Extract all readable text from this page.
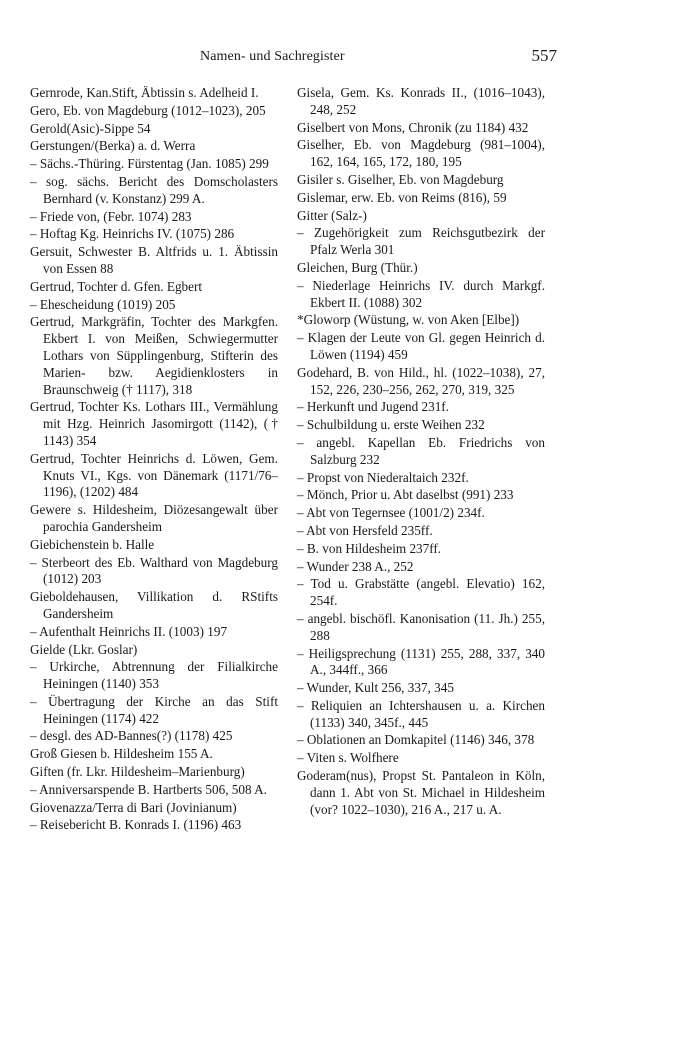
Namen- und Sachregister	557

Gernrode, Kan.Stift, Äbtissin s. Adelheid I.

Gero, Eb. von Magdeburg (1012–1023), 205

Gerold(Asic)-Sippe 54

Gerstungen/(Berka) a. d. Werra

– Sächs.-Thüring. Fürstentag (Jan. 1085) 299

– sog. sächs. Bericht des Domscholasters Bernhard (v. Konstanz) 299 A.

– Friede von, (Febr. 1074) 283

– Hoftag Kg. Heinrichs IV. (1075) 286

Gersuit, Schwester B. Altfrids u. 1. Äbtissin von Essen 88

Gertrud, Tochter d. Gfen. Egbert

– Ehescheidung (1019) 205

Gertrud, Markgräfin, Tochter des Markgfen. Ekbert I. von Meißen, Schwiegermutter Lothars von Süpplingenburg, Stifterin des Marien- bzw. Aegidienklosters in Braunschweig († 1117), 318

Gertrud, Tochter Ks. Lothars III., Vermählung mit Hzg. Heinrich Jasomirgott (1142), († 1143) 354

Gertrud, Tochter Heinrichs d. Löwen, Gem. Knuts VI., Kgs. von Dänemark (1171/76–1196), (1202) 484

Gewere s. Hildesheim, Diözesangewalt über parochia Gandersheim

Giebichenstein b. Halle

– Sterbeort des Eb. Walthard von Magdeburg (1012) 203

Gieboldehausen, Villikation d. RStifts Gandersheim

– Aufenthalt Heinrichs II. (1003) 197

Gielde (Lkr. Goslar)

– Urkirche, Abtrennung der Filialkirche Heiningen (1140) 353

– Übertragung der Kirche an das Stift Heiningen (1174) 422

– desgl. des AD-Bannes(?) (1178) 425

Groß Giesen b. Hildesheim 155 A.

Giften (fr. Lkr. Hildesheim–Marienburg)

– Anniversarspende B. Hartberts 506, 508 A.

Giovenazza/Terra di Bari (Jovinianum)

– Reisebericht B. Konrads I. (1196) 463

Gisela, Gem. Ks. Konrads II., (1016–1043), 248, 252

Giselbert von Mons, Chronik (zu 1184) 432

Giselher, Eb. von Magdeburg (981–1004), 162, 164, 165, 172, 180, 195

Gisiler s. Giselher, Eb. von Magdeburg

Gislemar, erw. Eb. von Reims (816), 59

Gitter (Salz-)

– Zugehörigkeit zum Reichsgutbezirk der Pfalz Werla 301

Gleichen, Burg (Thür.)

– Niederlage Heinrichs IV. durch Markgf. Ekbert II. (1088) 302

*Gloworp (Wüstung, w. von Aken [Elbe])

– Klagen der Leute von Gl. gegen Heinrich d. Löwen (1194) 459

Godehard, B. von Hild., hl. (1022–1038), 27, 152, 226, 230–256, 262, 270, 319, 325

– Herkunft und Jugend 231f.

– Schulbildung u. erste Weihen 232

– angebl. Kapellan Eb. Friedrichs von Salzburg 232

– Propst von Niederaltaich 232f.

– Mönch, Prior u. Abt daselbst (991) 233

– Abt von Tegernsee (1001/2) 234f.

– Abt von Hersfeld 235ff.

– B. von Hildesheim 237ff.

– Wunder 238 A., 252

– Tod u. Grabstätte (angebl. Elevatio) 162, 254f.

– angebl. bischöfl. Kanonisation (11. Jh.) 255, 288

– Heiligsprechung (1131) 255, 288, 337, 340 A., 344ff., 366

– Wunder, Kult 256, 337, 345

– Reliquien an Ichtershausen u. a. Kirchen (1133) 340, 345f., 445

– Oblationen an Domkapitel (1146) 346, 378

– Viten s. Wolfhere

Goderam(nus), Propst St. Pantaleon in Köln, dann 1. Abt von St. Michael in Hildesheim (vor? 1022–1030), 216 A., 217 u. A.
